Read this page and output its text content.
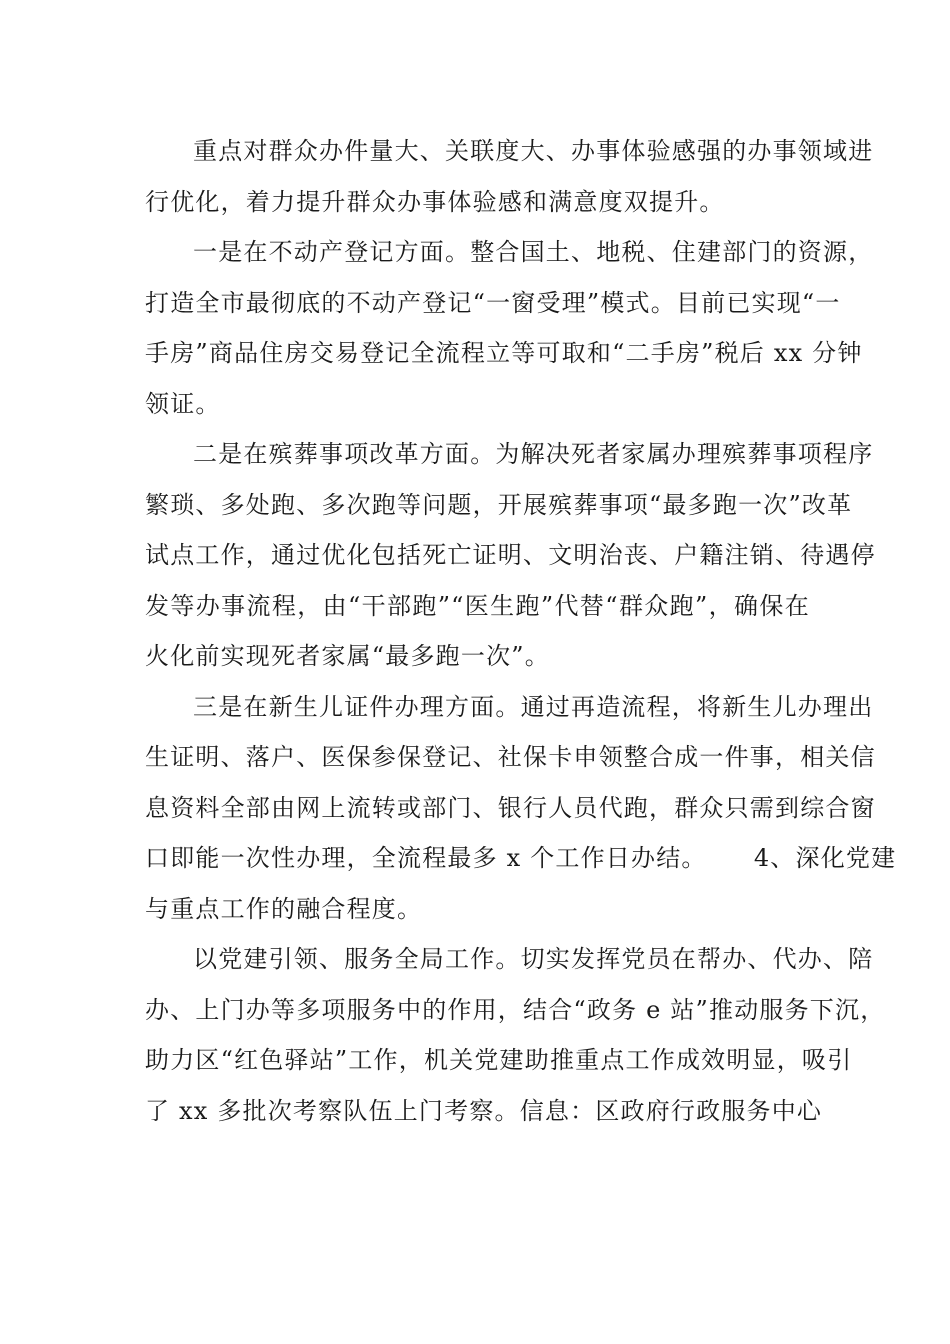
重点对群众办件量大、关联度大、办事体验感强的办事领域进
行优化，着力提升群众办事体验感和满意度双提升。

一是在不动产登记方面。整合国土、地税、住建部门的资源，
打造全市最彻底的不动产登记“一窗受理”模式。目前已实现“一
手房”商品住房交易登记全流程立等可取和“二手房”税后 xx 分钟
领证。

二是在殡葬事项改革方面。为解决死者家属办理殡葬事项程序
繁琐、多处跑、多次跑等问题，开展殡葬事项“最多跑一次”改革
试点工作，通过优化包括死亡证明、文明治丧、户籍注销、待遇停
发等办事流程，由“干部跑”“医生跑”代替“群众跑”，确保在
火化前实现死者家属“最多跑一次”。

三是在新生儿证件办理方面。通过再造流程，将新生儿办理出
生证明、落户、医保参保登记、社保卡申领整合成一件事，相关信
息资料全部由网上流转或部门、银行人员代跑，群众只需到综合窗
口即能一次性办理，全流程最多 x 个工作日办结。　　 4、深化党建
与重点工作的融合程度。

以党建引领、服务全局工作。切实发挥党员在帮办、代办、陪
办、上门办等多项服务中的作用，结合“政务 e 站”推动服务下沉，
助力区“红色驿站”工作，机关党建助推重点工作成效明显，吸引
了 xx 多批次考察队伍上门考察。信息：区政府行政服务中心
